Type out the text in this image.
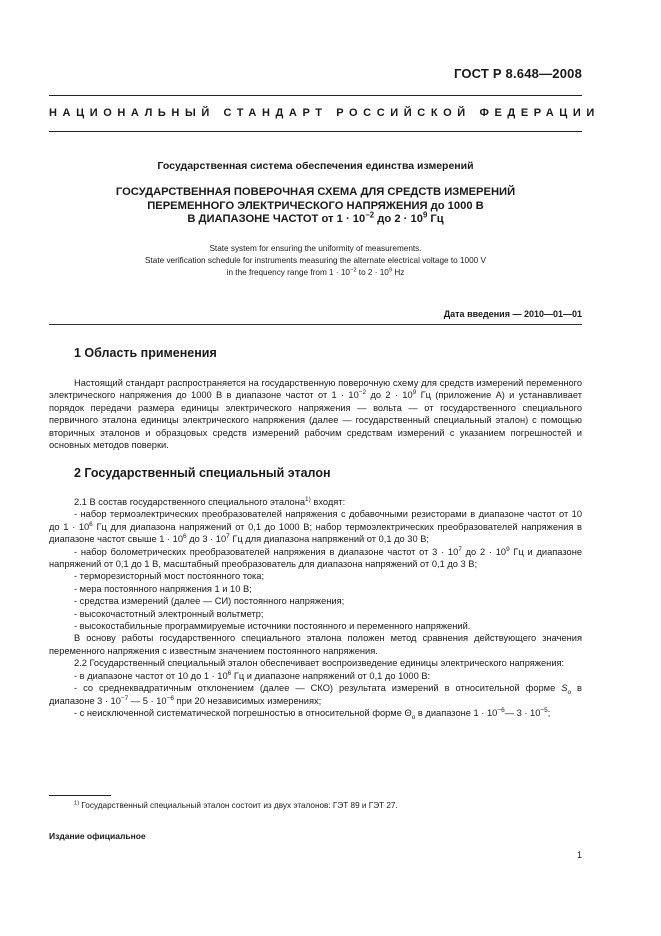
ГОСТ Р 8.648—2008
НАЦИОНАЛЬНЫЙ СТАНДАРТ РОССИЙСКОЙ ФЕДЕРАЦИИ
Государственная система обеспечения единства измерений
ГОСУДАРСТВЕННАЯ ПОВЕРОЧНАЯ СХЕМА ДЛЯ СРЕДСТВ ИЗМЕРЕНИЙ
ПЕРЕМЕННОГО ЭЛЕКТРИЧЕСКОГО НАПРЯЖЕНИЯ до 1000 В
В ДИАПАЗОНЕ ЧАСТОТ от $1 \cdot 10^{-2}$ до $2 \cdot 10^9$ Гц
State system for ensuring the uniformity of measurements.
State verification schedule for instruments measuring the alternate electrical voltage to 1000 V
in the frequency range from $1 \cdot 10^{-2}$ to $2 \cdot 10^9$ Hz
Дата введения — 2010—01—01
1 Область применения

Настоящий стандарт распространяется на государственную поверочную схему для средств измерений переменного электрического напряжения до 1000 В в диапазоне частот от $1 \cdot 10^{-2}$ до $2 \cdot 10^9$ Гц (приложение А) и устанавливает порядок передачи размера единицы электрического напряжения — вольта — от государственного специального первичного эталона единицы электрического напряжения (далее — государственный специальный эталон) с помощью вторичных эталонов и образцовых средств измерений рабочим средствам измерений с указанием погрешностей и основных методов поверки.

2 Государственный специальный эталон

2.1 В состав государственного специального эталона$^{1)}$ входят:

- набор термоэлектрических преобразователей напряжения с добавочными резисторами в диапазоне частот от 10 до $1 \cdot 10^6$ Гц для диапазона напряжений от 0,1 до 1000 В; набор термоэлектрических преобразователей напряжения в диапазоне частот свыше $1 \cdot 10^6$ до $3 \cdot 10^7$ Гц для диапазона напряжений от 0,1 до 30 В;

- набор болометрических преобразователей напряжения в диапазоне частот от $3 \cdot 10^7$ до $2 \cdot 10^9$ Гц и диапазоне напряжений от 0,1 до 1 В, масштабный преобразователь для диапазона напряжений от 0,1 до 3 В;

- терморезисторный мост постоянного тока;

- мера постоянного напряжения 1 и 10 В;

- средства измерений (далее — СИ) постоянного напряжения;

- высокочастотный электронный вольтметр;

- высокостабильные программируемые источники постоянного и переменного напряжений.

В основу работы государственного специального эталона положен метод сравнения действующего значения переменного напряжения с известным значением постоянного напряжения.

2.2 Государственный специальный эталон обеспечивает воспроизведение единицы электрического напряжения:

- в диапазоне частот от 10 до $1 \cdot 10^6$ Гц и диапазоне напряжений от 0,1 до 1000 В:

- со среднеквадратичным отклонением (далее — СКО) результата измерений в относительной форме $S_o$ в диапазоне $3 \cdot 10^{-7}$ — $5 \cdot 10^{-6}$ при 20 независимых измерениях;

- с неисключенной систематической погрешностью в относительной форме $\Theta_o$ в диапазоне $1 \cdot 10^{-6}—$ $3 \cdot 10^{-5}$;

$^{1)}$ Государственный специальный эталон состоит из двух эталонов: ГЭТ 89 и ГЭТ 27.
Издание официальное
1
